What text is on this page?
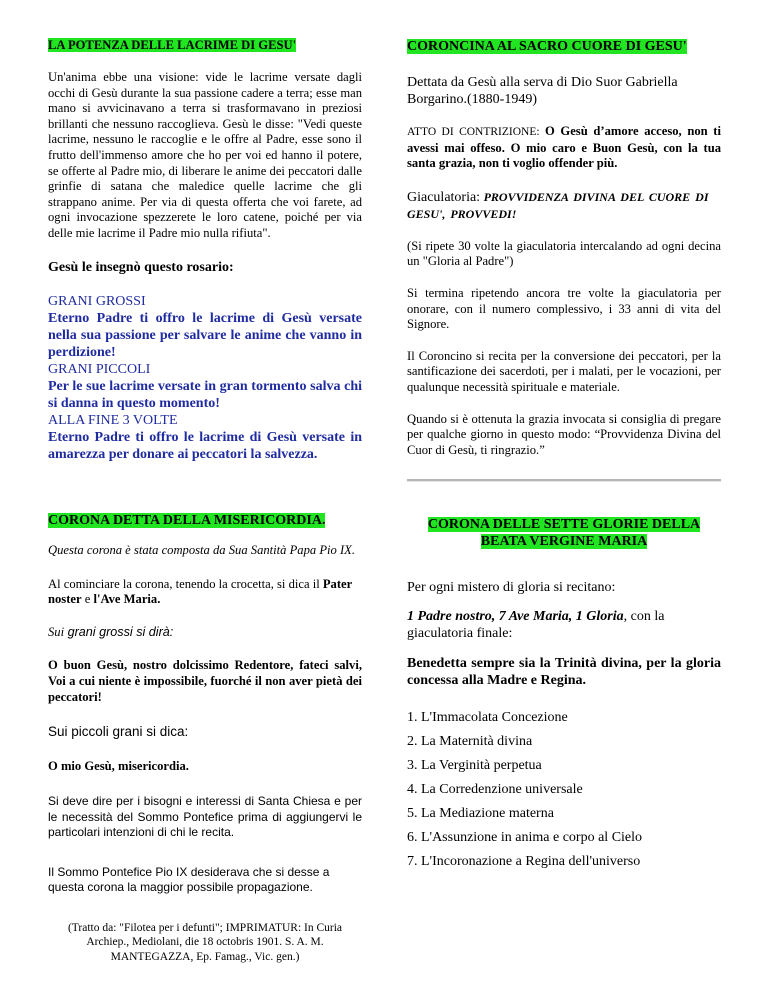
LA POTENZA DELLE LACRIME DI GESU'

Un'anima ebbe una visione: vide le lacrime versate dagli occhi di Gesù durante la sua passione cadere a terra; esse man mano si avvicinavano a terra si trasformavano in preziosi brillanti che nessuno raccoglieva. Gesù le disse: "Vedi queste lacrime, nessuno le raccoglie e le offre al Padre, esse sono il frutto dell'immenso amore che ho per voi ed hanno il potere, se offerte al Padre mio, di liberare le anime dei peccatori dalle grinfie di satana che maledice quelle lacrime che gli strappano anime. Per via di questa offerta che voi farete, ad ogni invocazione spezzerete le loro catene, poiché per via delle mie lacrime il Padre mio nulla rifiuta".

Gesù le insegnò questo rosario:

GRANI GROSSI
Eterno Padre ti offro le lacrime di Gesù versate nella sua passione per salvare le anime che vanno in perdizione!
GRANI PICCOLI
Per le sue lacrime versate in gran tormento salva chi si danna in questo momento!
ALLA FINE 3 VOLTE
Eterno Padre ti offro le lacrime di Gesù versate in amarezza per donare ai peccatori la salvezza.
CORONA DETTA DELLA MISERICORDIA.

Questa corona è stata composta da Sua Santità Papa Pio IX.

Al cominciare la corona, tenendo la crocetta, si dica il Pater noster e l'Ave Maria.

Sui grani grossi si dirà:

O buon Gesù, nostro dolcissimo Redentore, fateci salvi, Voi a cui niente è impossibile, fuorché il non aver pietà dei peccatori!

Sui piccoli grani si dica:

O mio Gesù, misericordia.

Si deve dire per i bisogni e interessi di Santa Chiesa e per le necessità del Sommo Pontefice prima di aggiungervi le particolari intenzioni di chi le recita.

Il Sommo Pontefice Pio IX desiderava che si desse a questa corona la maggior possibile propagazione.

(Tratto da: "Filotea per i defunti"; IMPRIMATUR: In Curia Archiep., Mediolani, die 18 octobris 1901. S. A. M. MANTEGAZZA, Ep. Famag., Vic. gen.)

CORONCINA AL SACRO CUORE DI GESU'

Dettata da Gesù alla serva di Dio Suor Gabriella Borgarino.(1880-1949)

ATTO DI CONTRIZIONE: O Gesù d’amore acceso, non ti avessi mai offeso. O mio caro e Buon Gesù, con la tua santa grazia, non ti voglio offender più.

Giaculatoria: PROVVIDENZA DIVINA DEL CUORE DI GESU', PROVVEDI!

(Si ripete 30 volte la giaculatoria intercalando ad ogni decina un "Gloria al Padre")

Si termina ripetendo ancora tre volte la giaculatoria per onorare, con il numero complessivo, i 33 anni di vita del Signore.

Il Coroncino si recita per la conversione dei peccatori, per la santificazione dei sacerdoti, per i malati, per le vocazioni, per qualunque necessità spirituale e materiale.

Quando si è ottenuta la grazia invocata si consiglia di pregare per qualche giorno in questo modo: “Provvidenza Divina del Cuor di Gesù, ti ringrazio.”

CORONA DELLE SETTE GLORIE DELLA
BEATA VERGINE MARIA

Per ogni mistero di gloria si recitano:

1 Padre nostro, 7 Ave Maria, 1 Gloria, con la giaculatoria finale:

Benedetta sempre sia la Trinità divina, per la gloria concessa alla Madre e Regina.

1. L'Immacolata Concezione
2. La Maternità divina
3. La Verginità perpetua
4. La Corredenzione universale
5. La Mediazione materna
6. L'Assunzione in anima e corpo al Cielo
7. L'Incoronazione a Regina dell'universo
